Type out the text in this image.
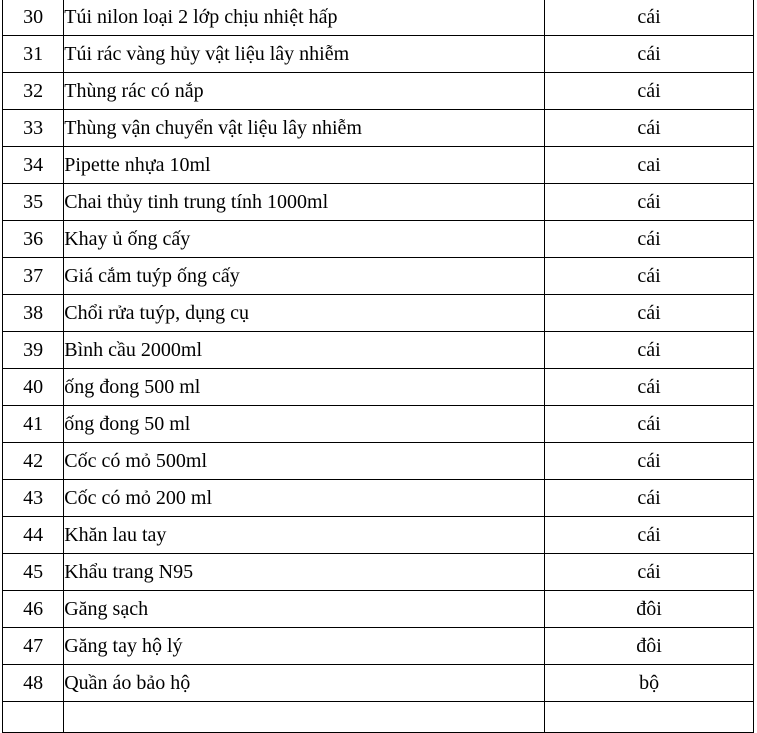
30	Túi nilon loại 2 lớp chịu nhiệt hấp	cái
31	Túi rác vàng hủy vật liệu lây nhiễm	cái
32	Thùng rác có nắp	cái
33	Thùng vận chuyển vật liệu lây nhiễm	cái
34	Pipette nhựa 10ml	cai
35	Chai thủy tinh trung tính 1000ml	cái
36	Khay ủ ống cấy	cái
37	Giá cắm tuýp ống cấy	cái
38	Chổi rửa tuýp, dụng cụ	cái
39	Bình cầu 2000ml	cái
40	ống đong 500 ml	cái
41	ống đong 50 ml	cái
42	Cốc có mỏ 500ml	cái
43	Cốc có mỏ 200 ml	cái
44	Khăn lau tay	cái
45	Khẩu trang N95	cái
46	Găng sạch	đôi
47	Găng tay hộ lý	đôi
48	Quần áo bảo hộ	bộ
